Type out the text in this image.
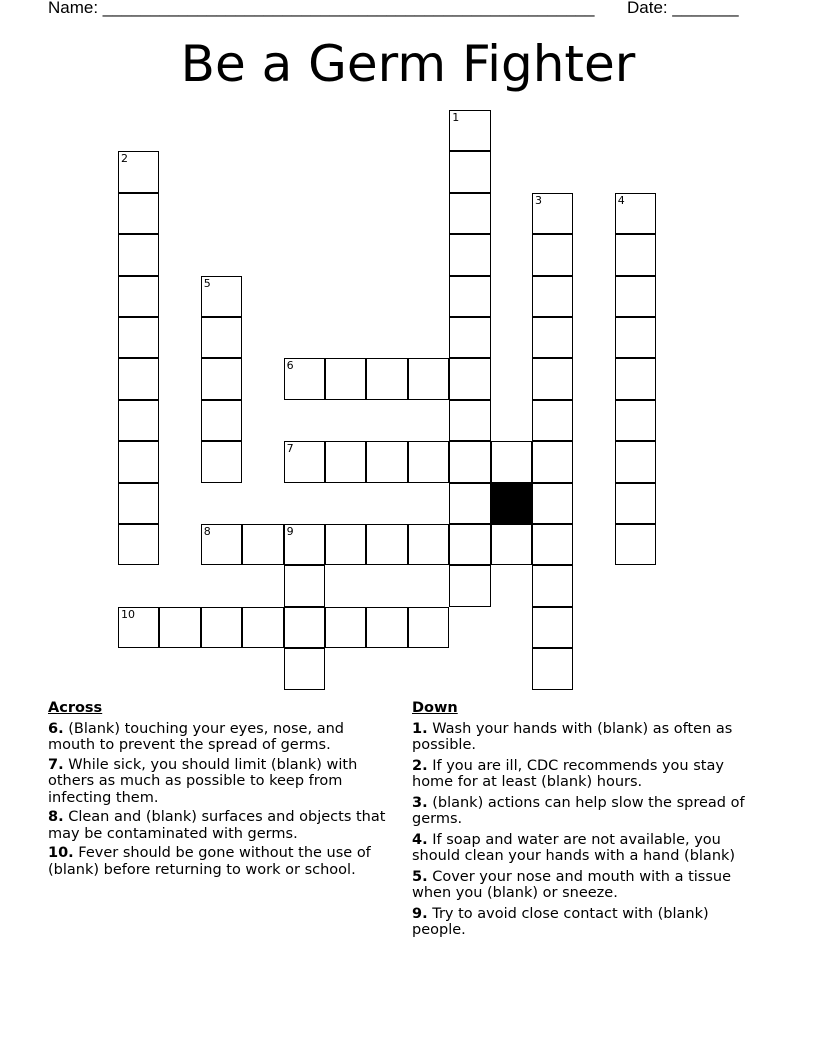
Name: ____________________________________________________ Date: _______
Be a Germ Fighter
1
2
3	4
5
6
7
8	9
10
Across
6. (Blank) touching your eyes, nose, and mouth to prevent the spread of germs.
7. While sick, you should limit (blank) with others as much as possible to keep from infecting them.
8. Clean and (blank) surfaces and objects that may be contaminated with germs.
10. Fever should be gone without the use of (blank) before returning to work or school.
Down
1. Wash your hands with (blank) as often as possible.
2. If you are ill, CDC recommends you stay home for at least (blank) hours.
3. (blank) actions can help slow the spread of germs.
4. If soap and water are not available, you should clean your hands with a hand (blank)
5. Cover your nose and mouth with a tissue when you (blank) or sneeze.
9. Try to avoid close contact with (blank) people.
